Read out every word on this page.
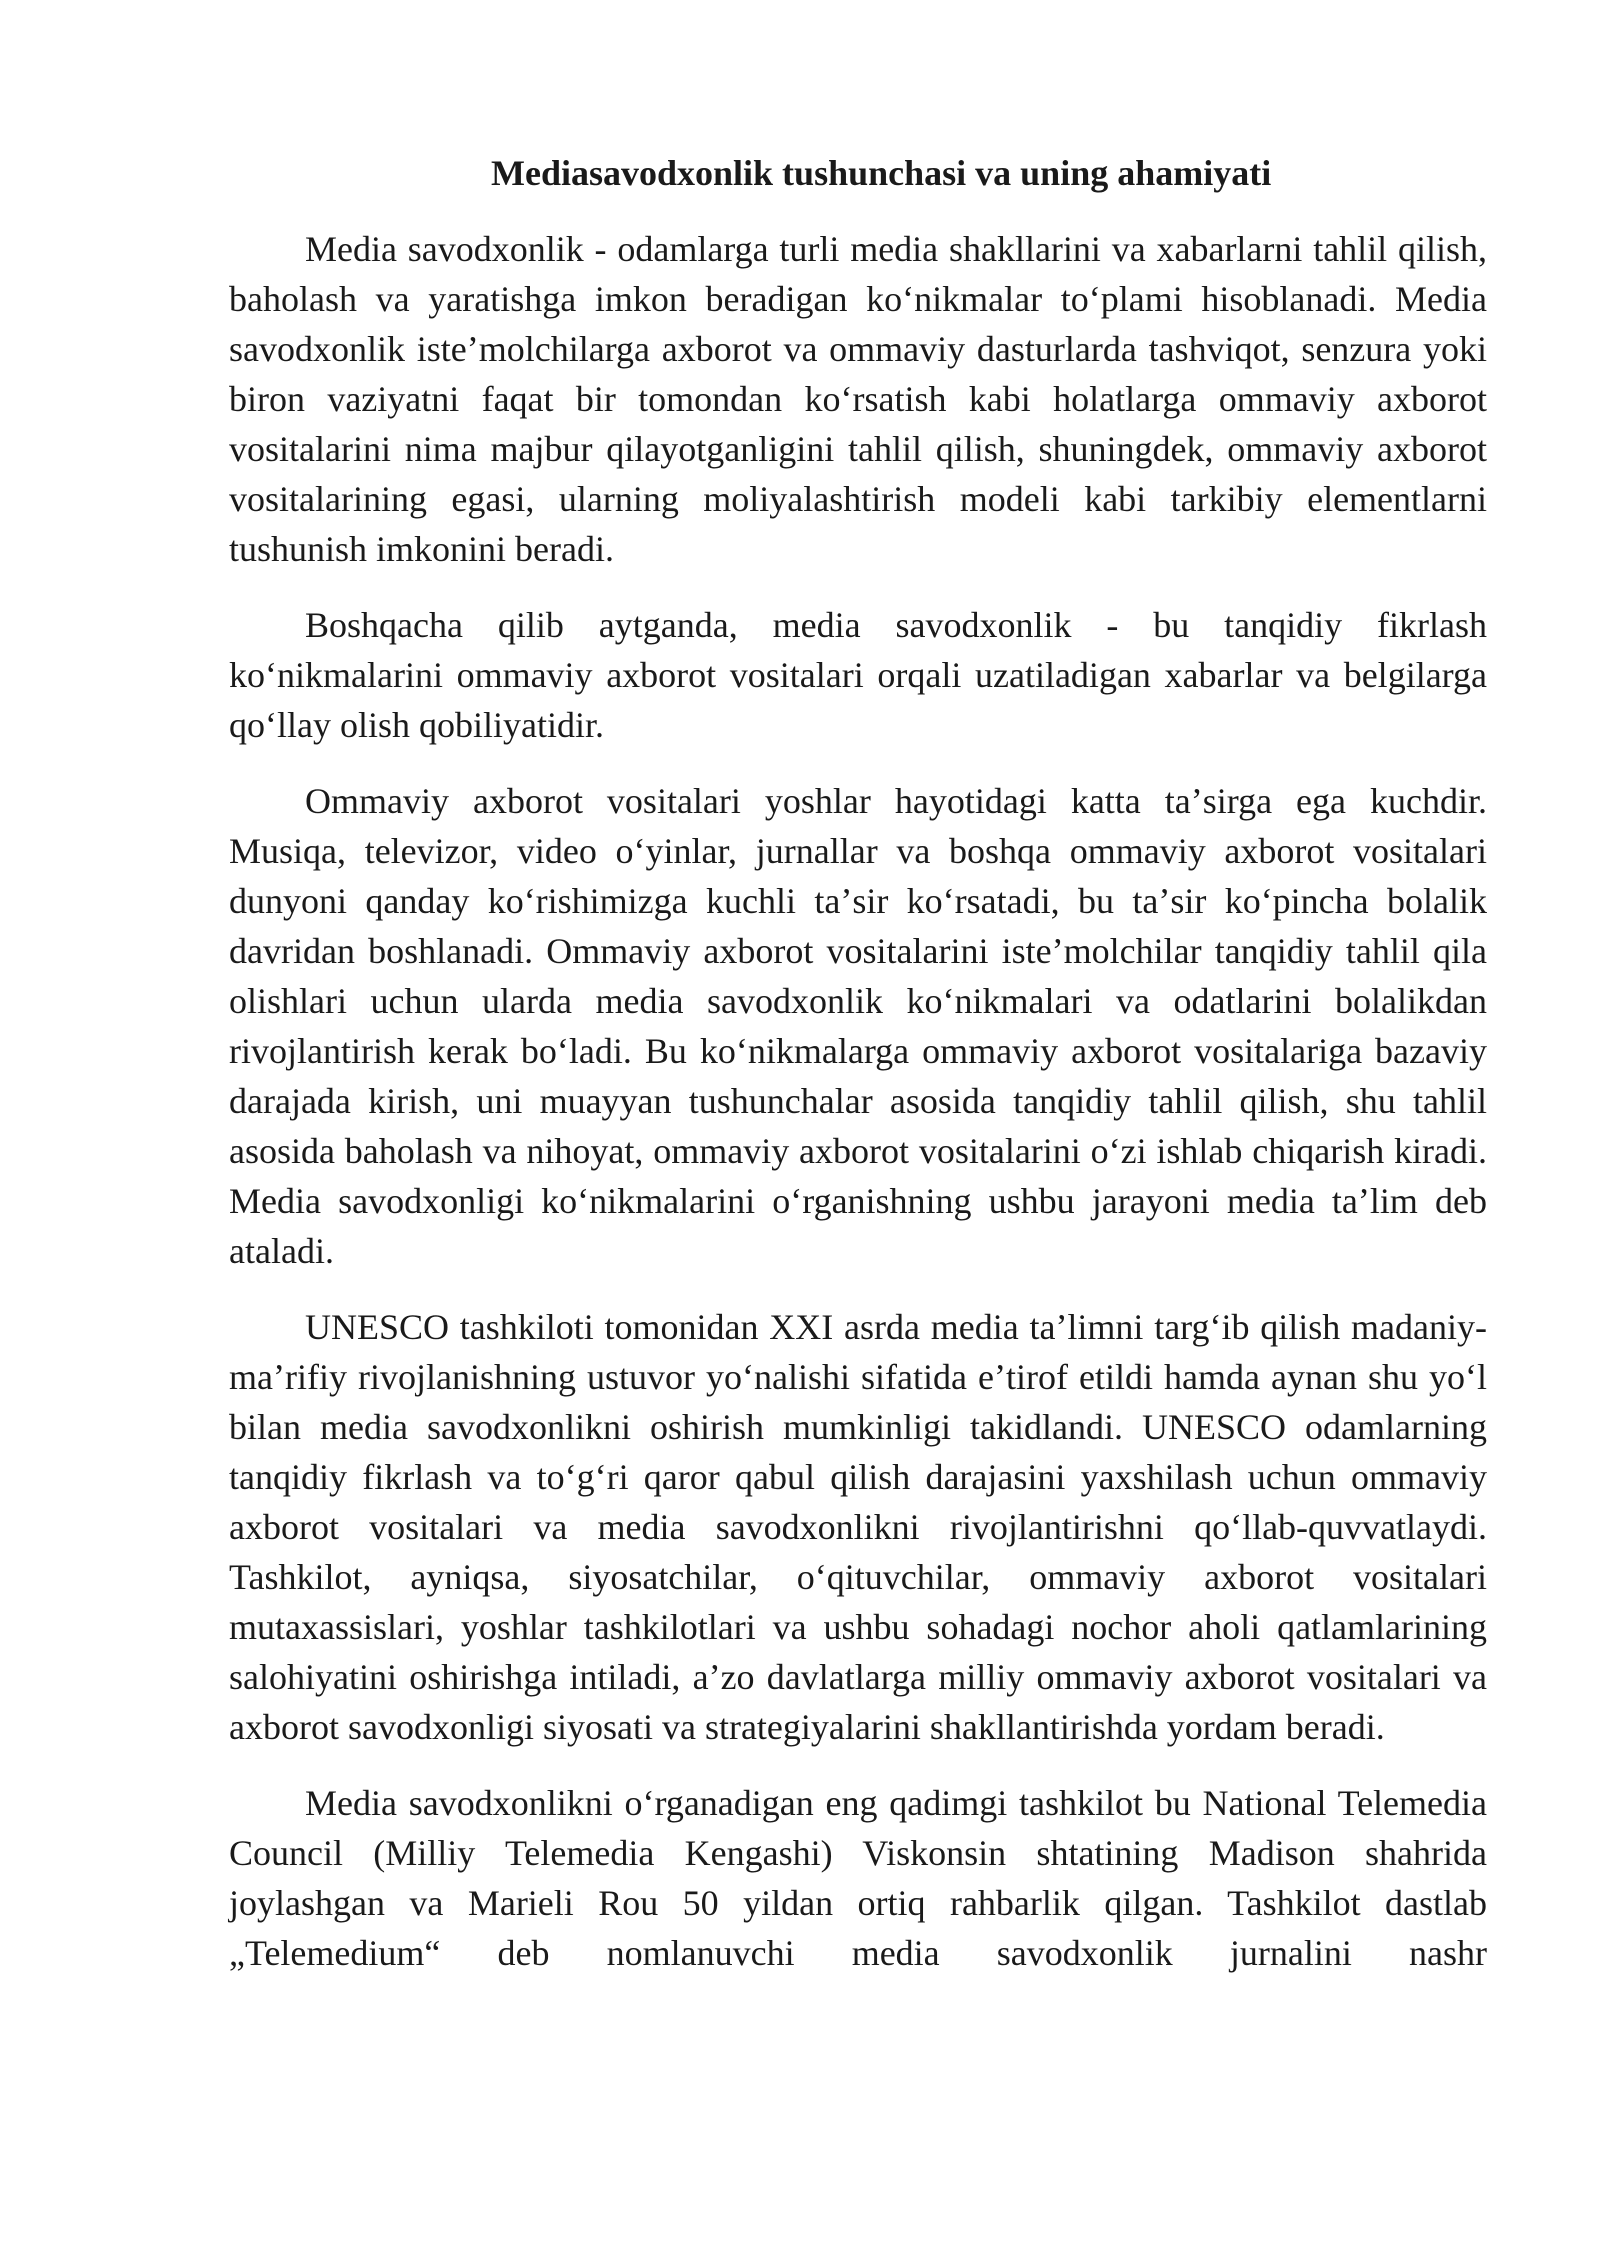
Mediasavodxonlik tushunchasi va uning ahamiyati

Media savodxonlik - odamlarga turli media shakllarini va xabarlarni tahlil qilish, baholash va yaratishga imkon beradigan koʻnikmalar toʻplami hisoblanadi. Media savodxonlik isteʼmolchilarga axborot va ommaviy dasturlarda tashviqot, senzura yoki biron vaziyatni faqat bir tomondan koʻrsatish kabi holatlarga ommaviy axborot vositalarini nima majbur qilayotganligini tahlil qilish, shuningdek, ommaviy axborot vositalarining egasi, ularning moliyalashtirish modeli kabi tarkibiy elementlarni tushunish imkonini beradi.

Boshqacha qilib aytganda, media savodxonlik - bu tanqidiy fikrlash koʻnikmalarini ommaviy axborot vositalari orqali uzatiladigan xabarlar va belgilarga qoʻllay olish qobiliyatidir.

Ommaviy axborot vositalari yoshlar hayotidagi katta taʼsirga ega kuchdir. Musiqa, televizor, video oʻyinlar, jurnallar va boshqa ommaviy axborot vositalari dunyoni qanday koʻrishimizga kuchli taʼsir koʻrsatadi, bu taʼsir koʻpincha bolalik davridan boshlanadi. Ommaviy axborot vositalarini isteʼmolchilar tanqidiy tahlil qila olishlari uchun ularda media savodxonlik koʻnikmalari va odatlarini bolalikdan rivojlantirish kerak boʻladi. Bu koʻnikmalarga ommaviy axborot vositalariga bazaviy darajada kirish, uni muayyan tushunchalar asosida tanqidiy tahlil qilish, shu tahlil asosida baholash va nihoyat, ommaviy axborot vositalarini oʻzi ishlab chiqarish kiradi. Media savodxonligi koʻnikmalarini oʻrganishning ushbu jarayoni media taʼlim deb ataladi.

UNESCO tashkiloti tomonidan XXI asrda media taʼlimni targʻib qilish madaniy-maʼrifiy rivojlanishning ustuvor yoʻnalishi sifatida eʼtirof etildi hamda aynan shu yoʻl bilan media savodxonlikni oshirish mumkinligi takidlandi. UNESCO odamlarning tanqidiy fikrlash va toʻgʻri qaror qabul qilish darajasini yaxshilash uchun ommaviy axborot vositalari va media savodxonlikni rivojlantirishni qoʻllab-quvvatlaydi. Tashkilot, ayniqsa, siyosatchilar, oʻqituvchilar, ommaviy axborot vositalari mutaxassislari, yoshlar tashkilotlari va ushbu sohadagi nochor aholi qatlamlarining salohiyatini oshirishga intiladi, aʼzo davlatlarga milliy ommaviy axborot vositalari va axborot savodxonligi siyosati va strategiyalarini shakllantirishda yordam beradi.

Media savodxonlikni oʻrganadigan eng qadimgi tashkilot bu National Telemedia Council (Milliy Telemedia Kengashi) Viskonsin shtatining Madison shahrida joylashgan va Marieli Rou 50 yildan ortiq rahbarlik qilgan. Tashkilot dastlab „Telemedium“ deb nomlanuvchi media savodxonlik jurnalini nashr
